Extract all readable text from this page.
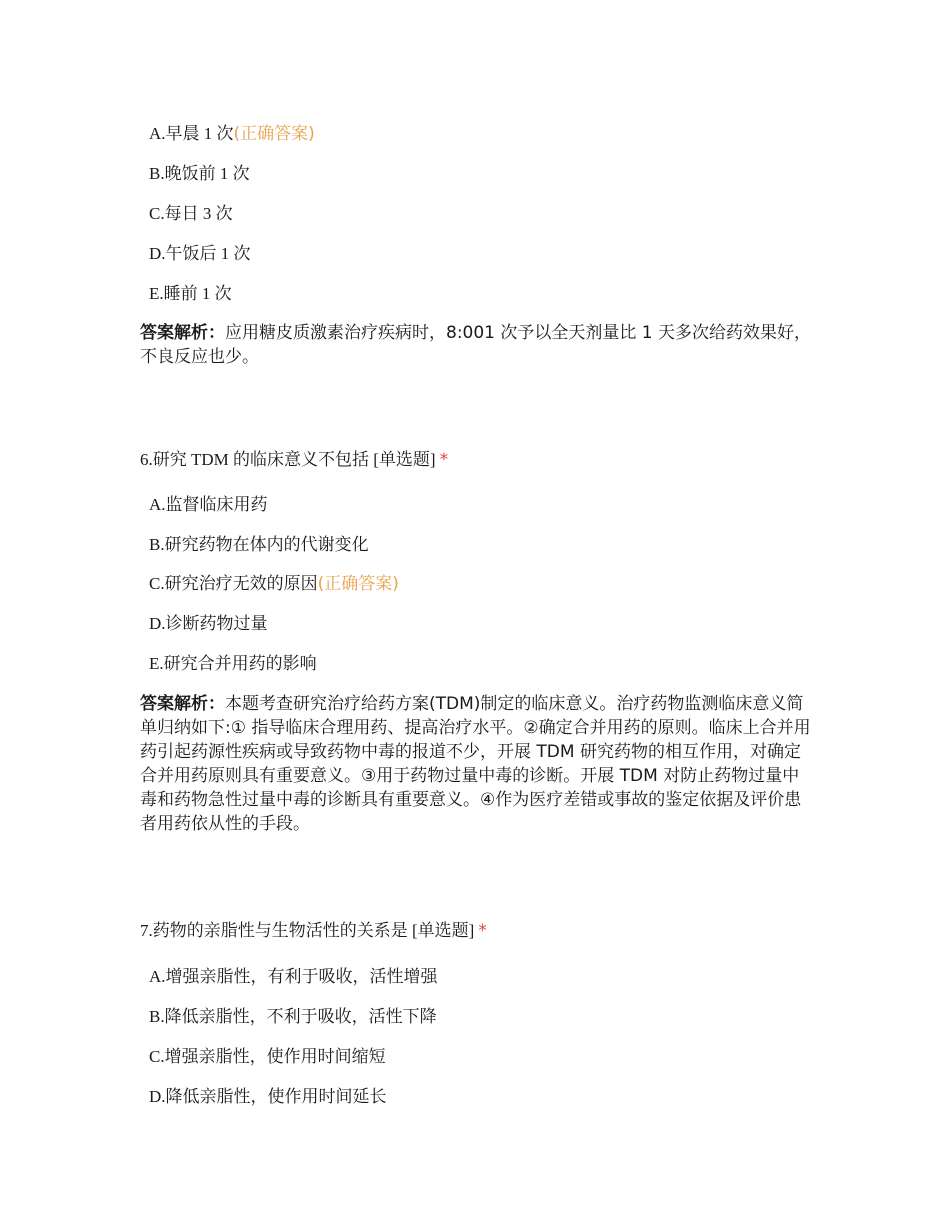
A.早晨 1 次(正确答案)
B.晚饭前 1 次
C.每日 3 次
D.午饭后 1 次
E.睡前 1 次
答案解析：应用糖皮质激素治疗疾病时，8:001 次予以全天剂量比 1 天多次给药效果好，不良反应也少。
6.研究 TDM 的临床意义不包括 [单选题] *
A.监督临床用药
B.研究药物在体内的代谢变化
C.研究治疗无效的原因(正确答案)
D.诊断药物过量
E.研究合并用药的影响
答案解析：本题考查研究治疗给药方案(TDM)制定的临床意义。治疗药物监测临床意义简单归纳如下:① 指导临床合理用药、提高治疗水平。②确定合并用药的原则。临床上合并用药引起药源性疾病或导致药物中毒的报道不少，开展 TDM 研究药物的相互作用，对确定合并用药原则具有重要意义。③用于药物过量中毒的诊断。开展 TDM 对防止药物过量中毒和药物急性过量中毒的诊断具有重要意义。④作为医疗差错或事故的鉴定依据及评价患者用药依从性的手段。
7.药物的亲脂性与生物活性的关系是 [单选题] *
A.增强亲脂性，有利于吸收，活性增强
B.降低亲脂性，不利于吸收，活性下降
C.增强亲脂性，使作用时间缩短
D.降低亲脂性，使作用时间延长
